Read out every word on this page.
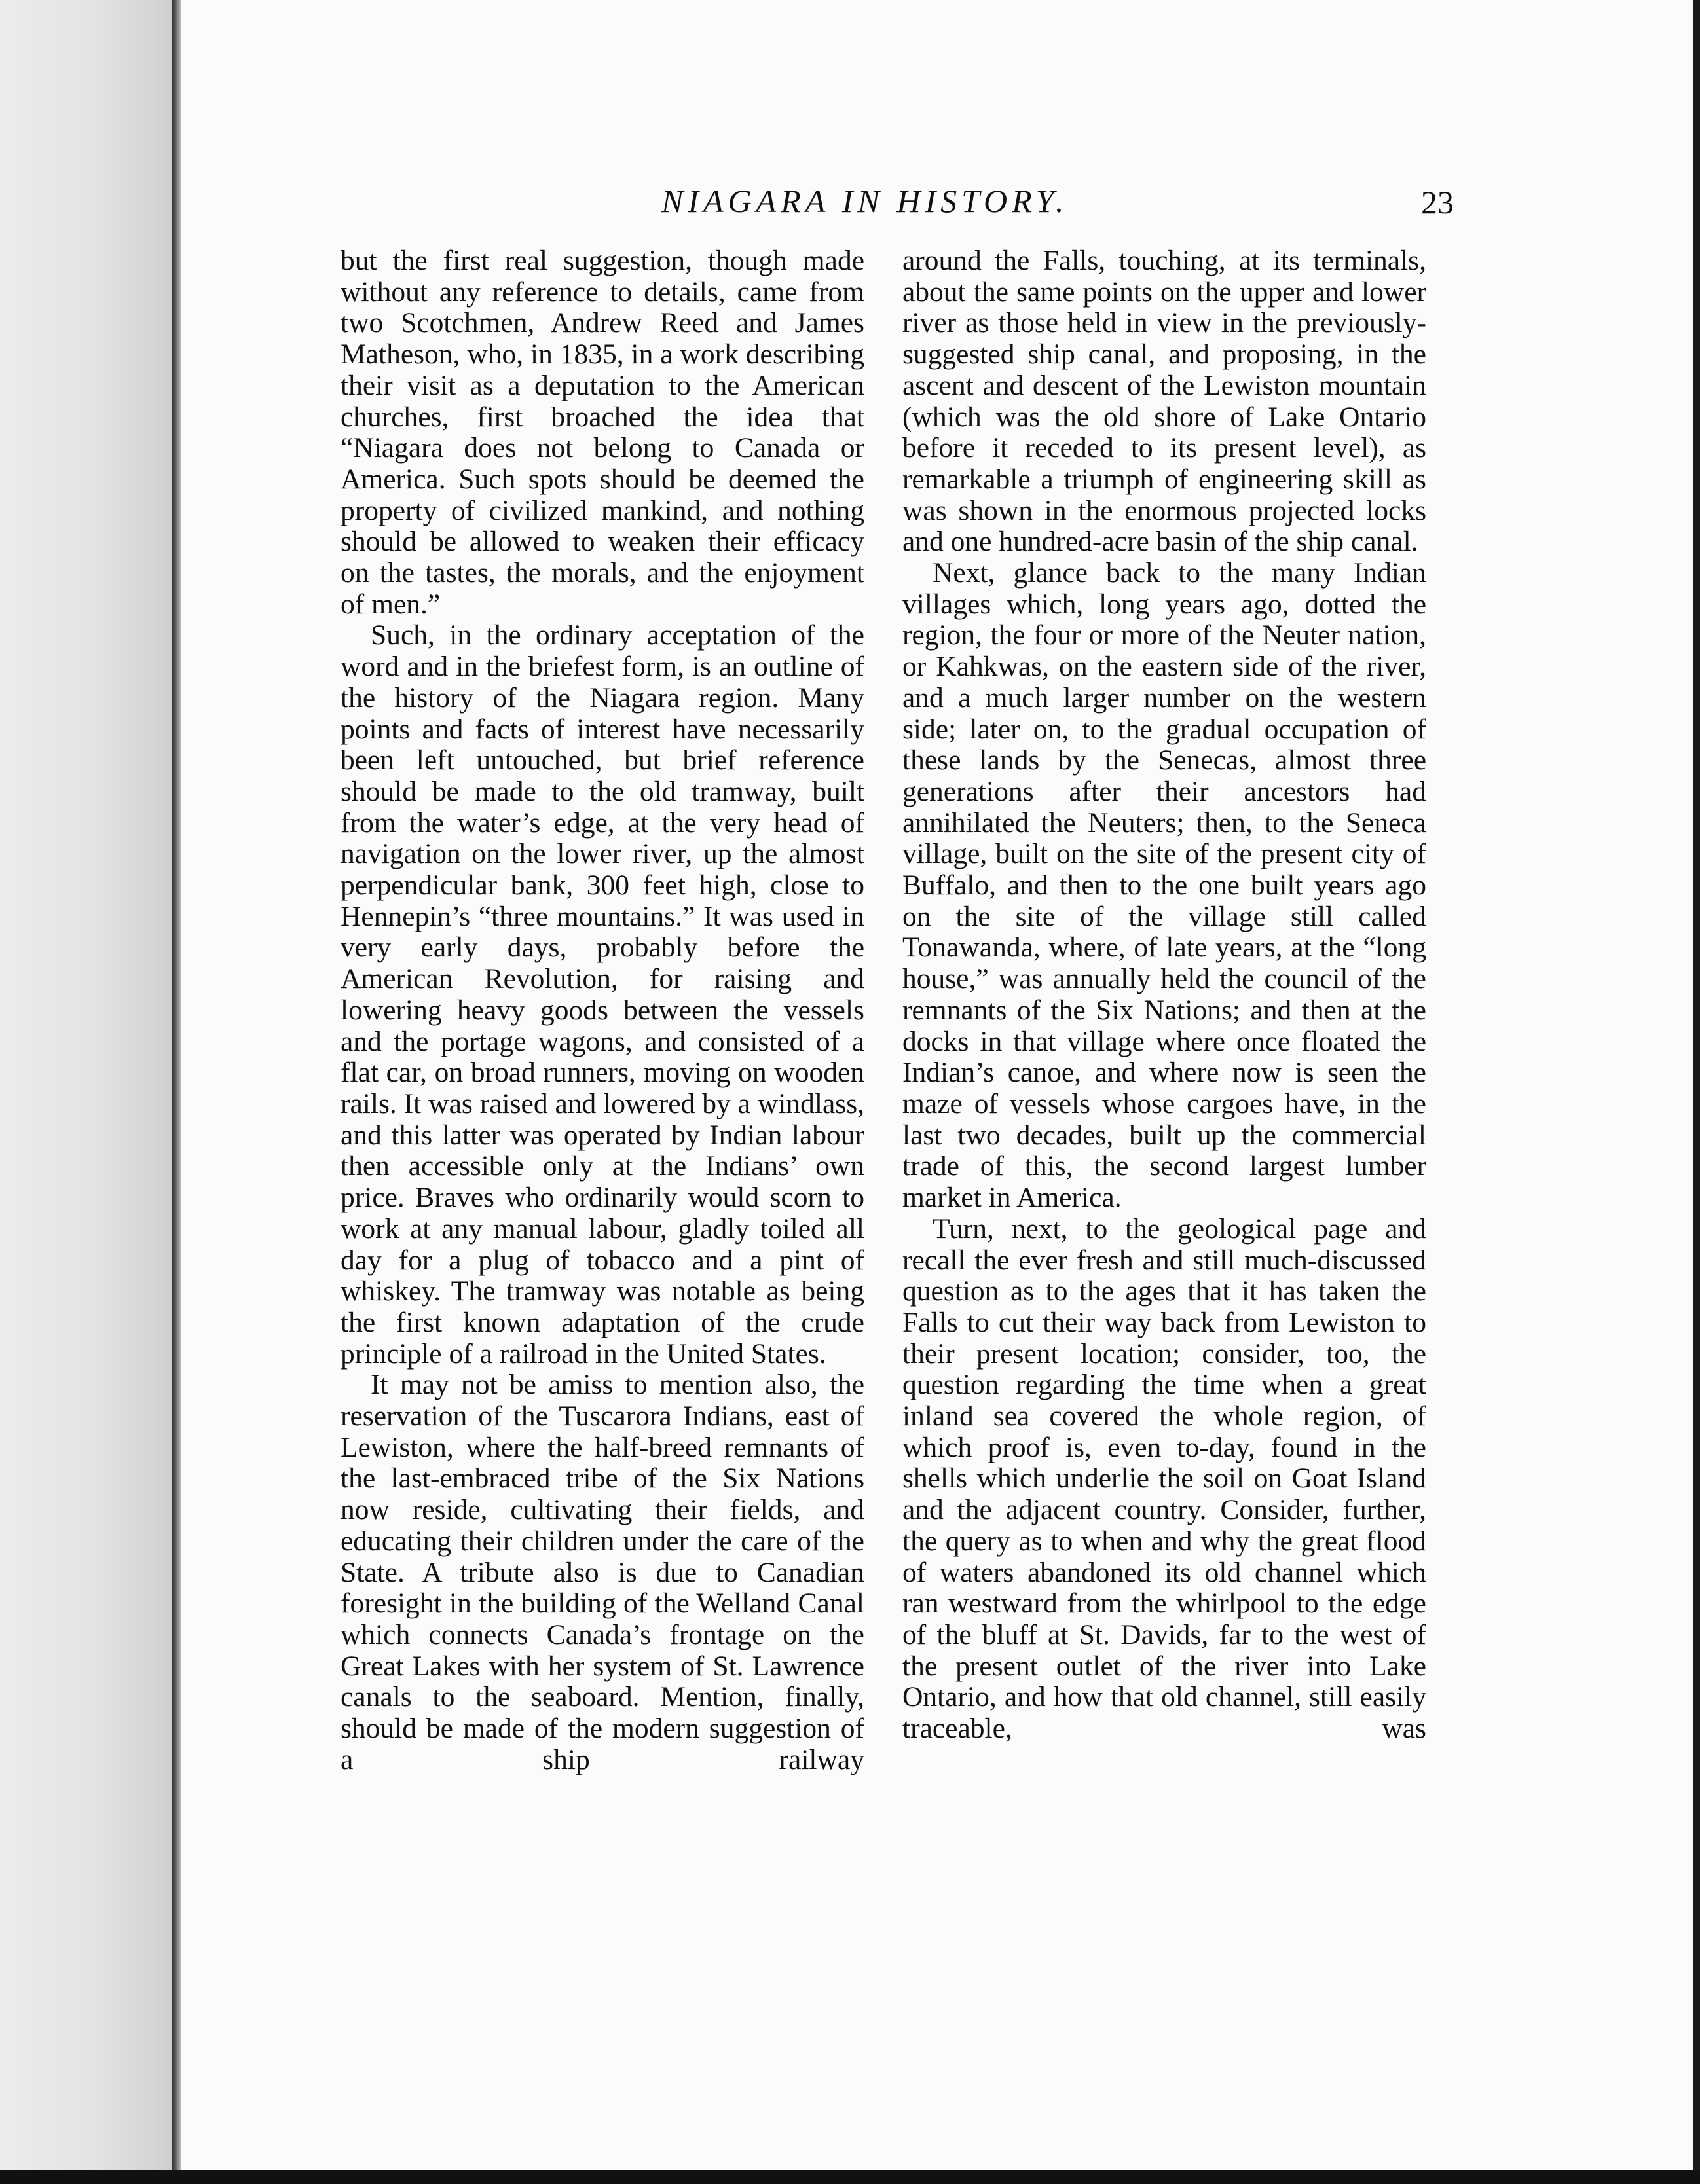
NIAGARA IN HISTORY.	23

but the first real suggestion, though made without any reference to details, came from two Scotchmen, Andrew Reed and James Matheson, who, in 1835, in a work describing their visit as a deputation to the American churches, first broached the idea that “Niagara does not belong to Canada or America. Such spots should be deemed the property of civilized mankind, and nothing should be allowed to weaken their efficacy on the tastes, the morals, and the enjoyment of men.”

Such, in the ordinary acceptation of the word and in the briefest form, is an outline of the history of the Niagara region. Many points and facts of interest have necessarily been left untouched, but brief reference should be made to the old tramway, built from the water’s edge, at the very head of navigation on the lower river, up the almost perpendicular bank, 300 feet high, close to Hennepin’s “three mountains.” It was used in very early days, probably before the American Revolution, for raising and lowering heavy goods between the vessels and the portage wagons, and consisted of a flat car, on broad runners, moving on wooden rails. It was raised and lowered by a windlass, and this latter was operated by Indian labour then accessible only at the Indians’ own price. Braves who ordinarily would scorn to work at any manual labour, gladly toiled all day for a plug of tobacco and a pint of whiskey. The tramway was notable as being the first known adaptation of the crude principle of a railroad in the United States.

It may not be amiss to mention also, the reservation of the Tuscarora Indians, east of Lewiston, where the half-breed remnants of the last-embraced tribe of the Six Nations now reside, cultivating their fields, and educating their children under the care of the State. A tribute also is due to Canadian foresight in the building of the Welland Canal which connects Canada’s frontage on the Great Lakes with her system of St. Lawrence canals to the seaboard. Mention, finally, should be made of the modern suggestion of a ship railway

around the Falls, touching, at its terminals, about the same points on the upper and lower river as those held in view in the previously-suggested ship canal, and proposing, in the ascent and descent of the Lewiston mountain (which was the old shore of Lake Ontario before it receded to its present level), as remarkable a triumph of engineering skill as was shown in the enormous projected locks and one hundred-acre basin of the ship canal.

Next, glance back to the many Indian villages which, long years ago, dotted the region, the four or more of the Neuter nation, or Kahkwas, on the eastern side of the river, and a much larger number on the western side; later on, to the gradual occupation of these lands by the Senecas, almost three generations after their ancestors had annihilated the Neuters; then, to the Seneca village, built on the site of the present city of Buffalo, and then to the one built years ago on the site of the village still called Tonawanda, where, of late years, at the “long house,” was annually held the council of the remnants of the Six Nations; and then at the docks in that village where once floated the Indian’s canoe, and where now is seen the maze of vessels whose cargoes have, in the last two decades, built up the commercial trade of this, the second largest lumber market in America.

Turn, next, to the geological page and recall the ever fresh and still much-discussed question as to the ages that it has taken the Falls to cut their way back from Lewiston to their present location; consider, too, the question regarding the time when a great inland sea covered the whole region, of which proof is, even to-day, found in the shells which underlie the soil on Goat Island and the adjacent country. Consider, further, the query as to when and why the great flood of waters abandoned its old channel which ran westward from the whirlpool to the edge of the bluff at St. Davids, far to the west of the present outlet of the river into Lake Ontario, and how that old channel, still easily traceable, was
